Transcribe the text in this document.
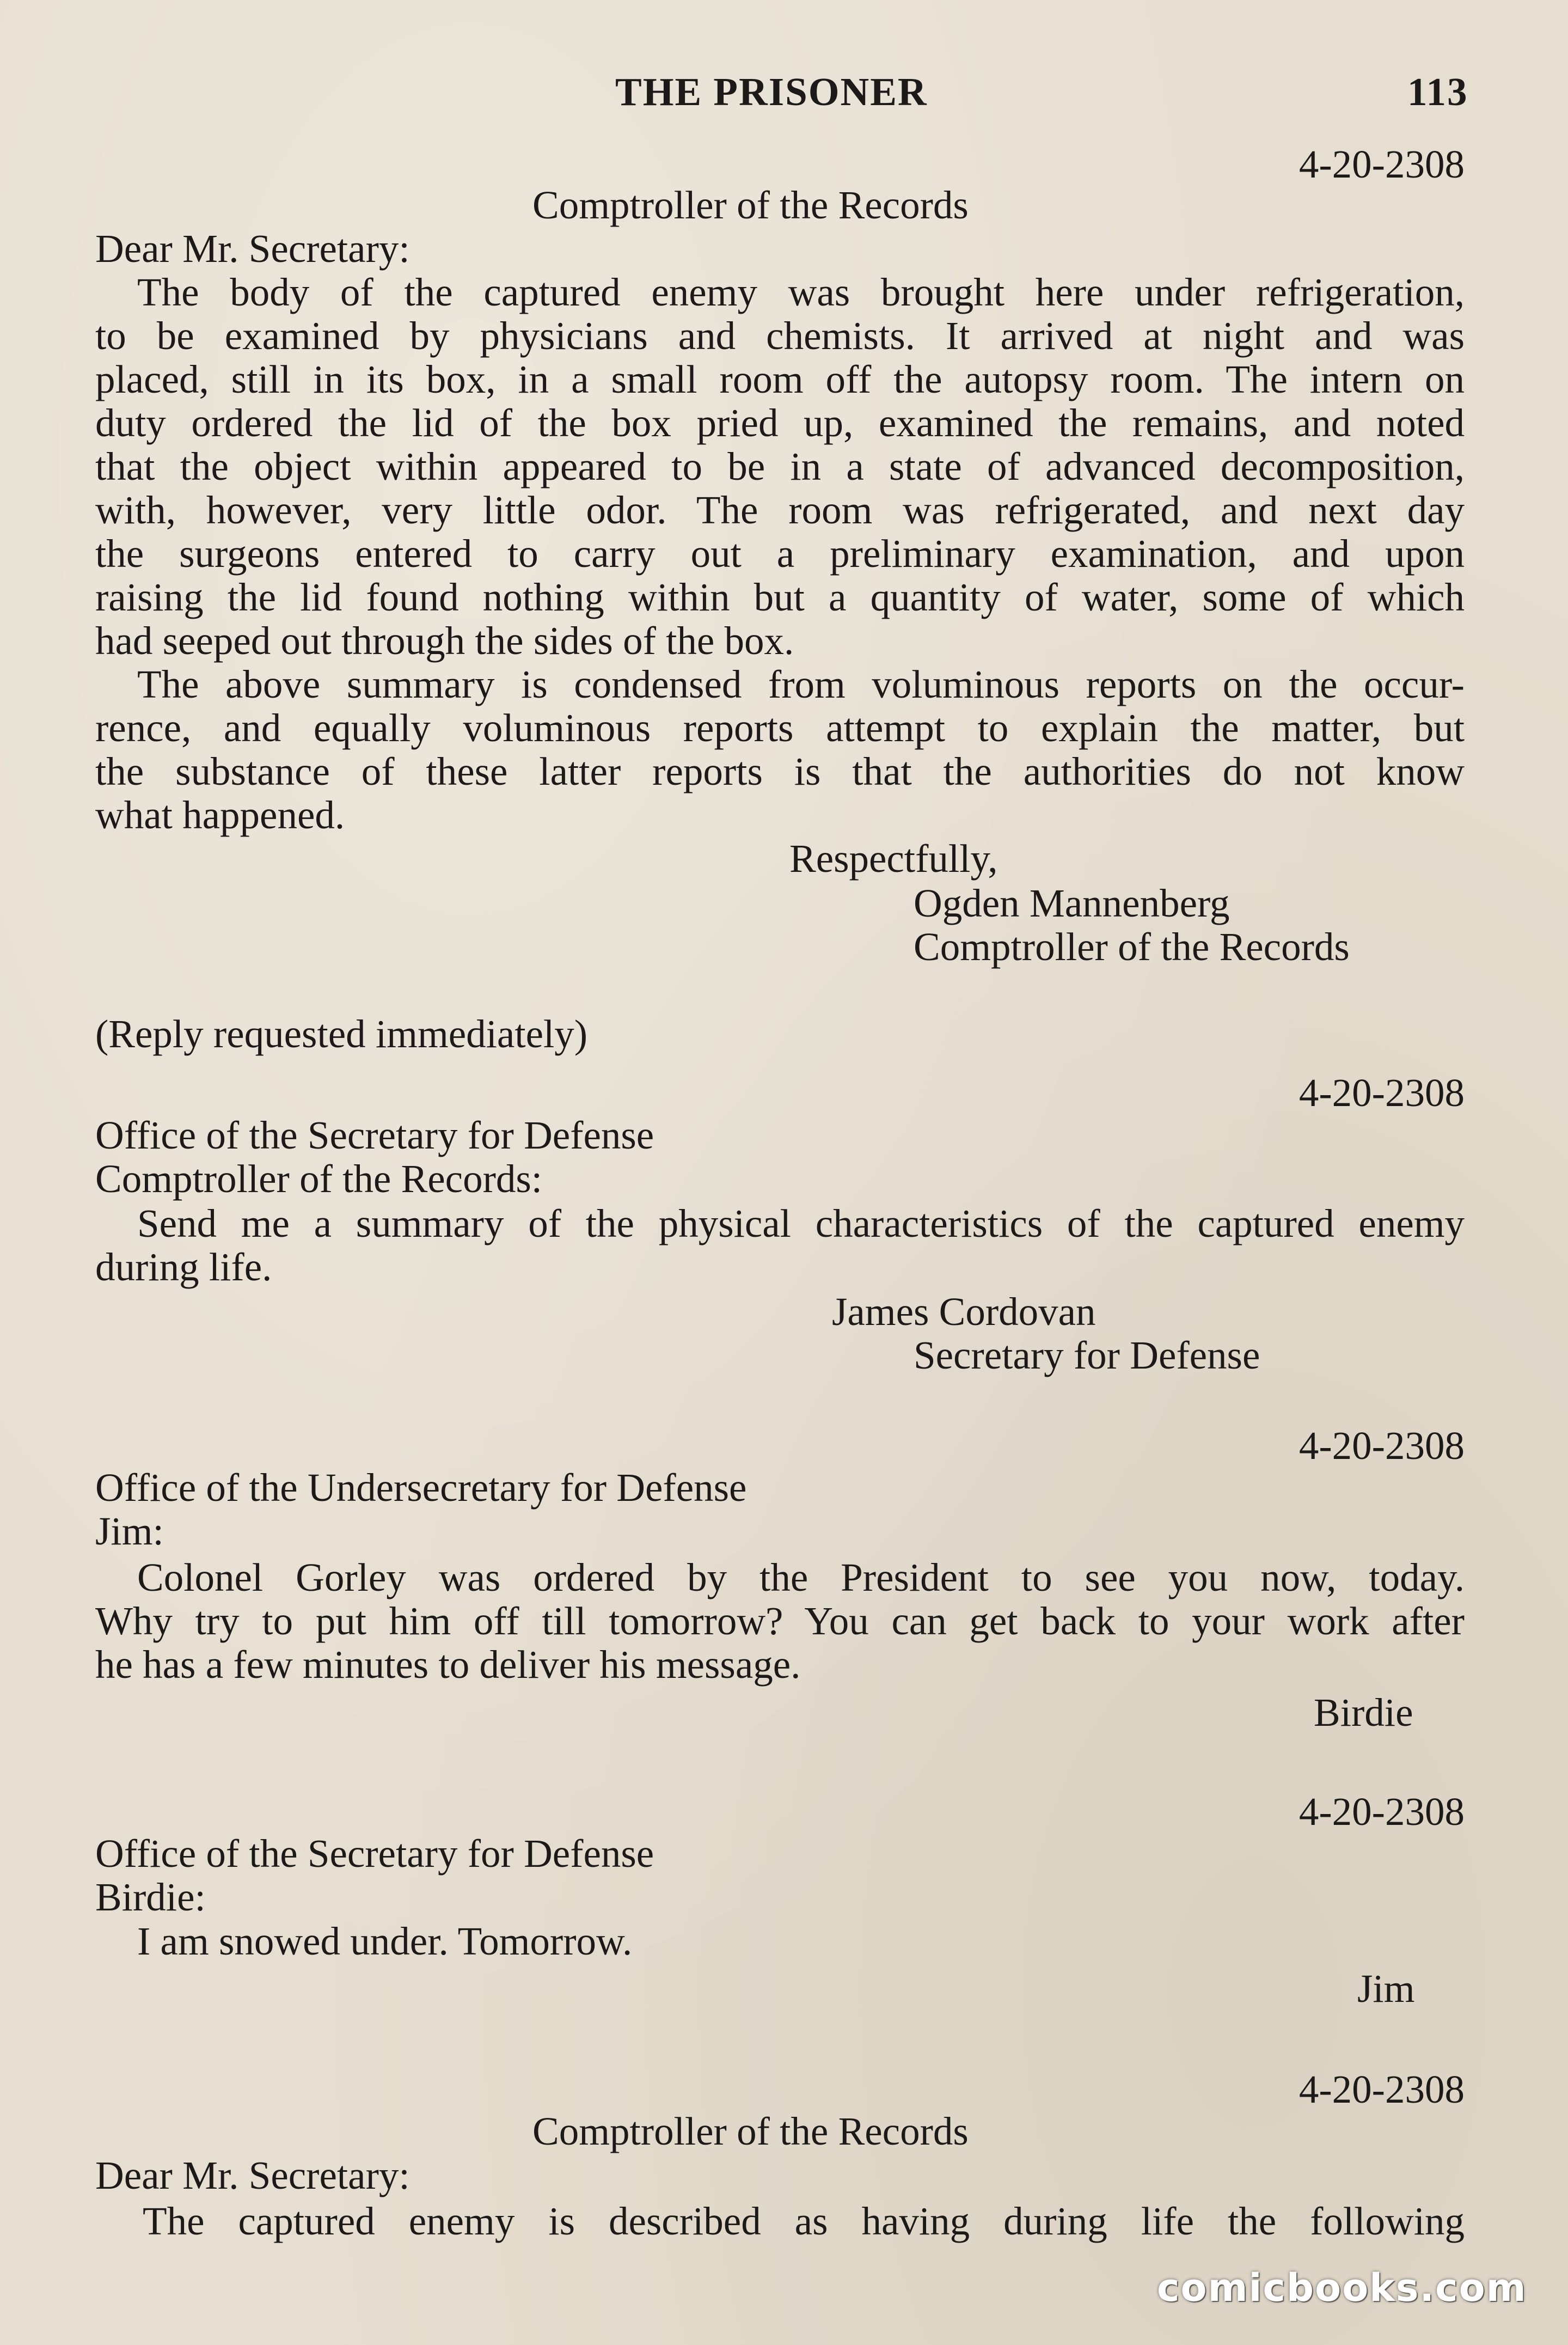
THE PRISONER	113
4-20-2308
Comptroller of the Records
Dear Mr. Secretary:
The body of the captured enemy was brought here under refrigeration,
to be examined by physicians and chemists. It arrived at night and was
placed, still in its box, in a small room off the autopsy room. The intern on
duty ordered the lid of the box pried up, examined the remains, and noted
that the object within appeared to be in a state of advanced decomposition,
with, however, very little odor. The room was refrigerated, and next day
the surgeons entered to carry out a preliminary examination, and upon
raising the lid found nothing within but a quantity of water, some of which
had seeped out through the sides of the box.
The above summary is condensed from voluminous reports on the occur-
rence, and equally voluminous reports attempt to explain the matter, but
the substance of these latter reports is that the authorities do not know
what happened.
Respectfully,
Ogden Mannenberg
Comptroller of the Records
(Reply requested immediately)
4-20-2308
Office of the Secretary for Defense
Comptroller of the Records:
Send me a summary of the physical characteristics of the captured enemy
during life.
James Cordovan
Secretary for Defense
4-20-2308
Office of the Undersecretary for Defense
Jim:
Colonel Gorley was ordered by the President to see you now, today.
Why try to put him off till tomorrow? You can get back to your work after
he has a few minutes to deliver his message.
Birdie
4-20-2308
Office of the Secretary for Defense
Birdie:
I am snowed under. Tomorrow.
Jim
4-20-2308
Comptroller of the Records
Dear Mr. Secretary:
The captured enemy is described as having during life the following
comicbooks.com
